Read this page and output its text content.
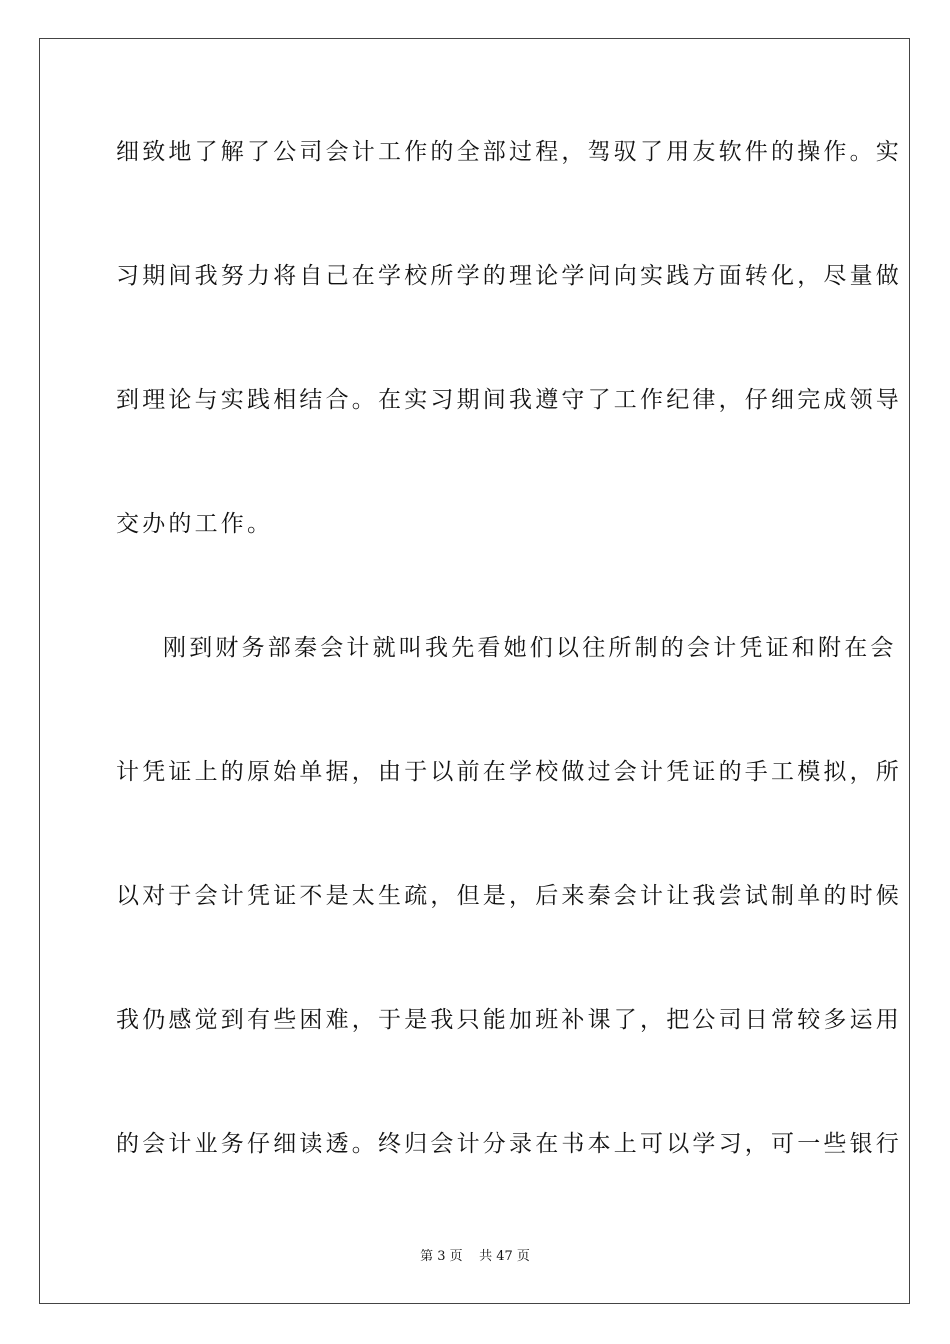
细致地了解了公司会计工作的全部过程，驾驭了用友软件的操作。实
习期间我努力将自己在学校所学的理论学问向实践方面转化，尽量做
到理论与实践相结合。在实习期间我遵守了工作纪律，仔细完成领导
交办的工作。
刚到财务部秦会计就叫我先看她们以往所制的会计凭证和附在会
计凭证上的原始单据，由于以前在学校做过会计凭证的手工模拟，所
以对于会计凭证不是太生疏，但是，后来秦会计让我尝试制单的时候
我仍感觉到有些困难，于是我只能加班补课了，把公司日常较多运用
的会计业务仔细读透。终归会计分录在书本上可以学习，可一些银行
第 3 页    共 47 页
